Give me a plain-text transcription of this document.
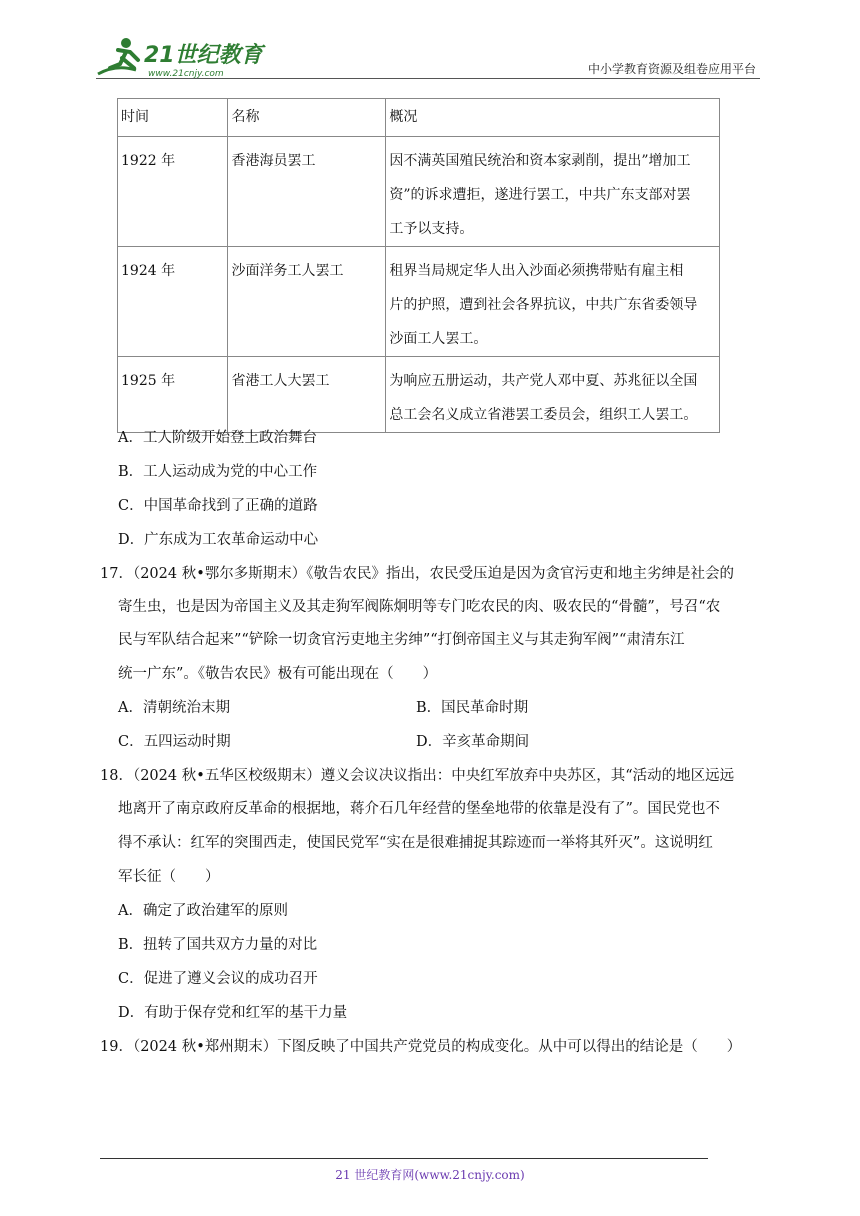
21世纪教育
www.21cnjy.com	中小学教育资源及组卷应用平台
时间	名称	概况
1922 年	香港海员罢工	因不满英国殖民统治和资本家剥削，提出”增加工
资”的诉求遭拒，遂进行罢工，中共广东支部对罢
工予以支持。

1924 年	沙面洋务工人罢工	租界当局规定华人出入沙面必须携带贴有雇主相
片的护照，遭到社会各界抗议，中共广东省委领导
沙面工人罢工。

1925 年	省港工人大罢工	为响应五册运动，共产党人邓中夏、苏兆征以全国
总工会名义成立省港罢工委员会，组织工人罢工。
A．工人阶级开始登上政治舞台
B．工人运动成为党的中心工作
C．中国革命找到了正确的道路
D．广东成为工农革命运动中心
17．（2024 秋•鄂尔多斯期末）《敬告农民》指出，农民受压迫是因为贪官污吏和地主劣绅是社会的
寄生虫，也是因为帝国主义及其走狗军阀陈炯明等专门吃农民的肉、吸农民的“骨髓”，号召“农
民与军队结合起来”“铲除一切贪官污吏地主劣绅”“打倒帝国主义与其走狗军阀”“肃清东江
统一广东”。《敬告农民》极有可能出现在（　　）
A．清朝统治末期	B．国民革命时期
C．五四运动时期	D．辛亥革命期间
18．（2024 秋•五华区校级期末）遵义会议决议指出：中央红军放弃中央苏区，其“活动的地区远远
地离开了南京政府反革命的根据地，蒋介石几年经营的堡垒地带的依靠是没有了”。国民党也不
得不承认：红军的突围西走，使国民党军“实在是很难捕捉其踪迹而一举将其歼灭”。这说明红
军长征（　　）
A．确定了政治建军的原则
B．扭转了国共双方力量的对比
C．促进了遵义会议的成功召开
D．有助于保存党和红军的基干力量
19．（2024 秋•郑州期末）下图反映了中国共产党党员的构成变化。从中可以得出的结论是（　　）
21 世纪教育网(www.21cnjy.com)
